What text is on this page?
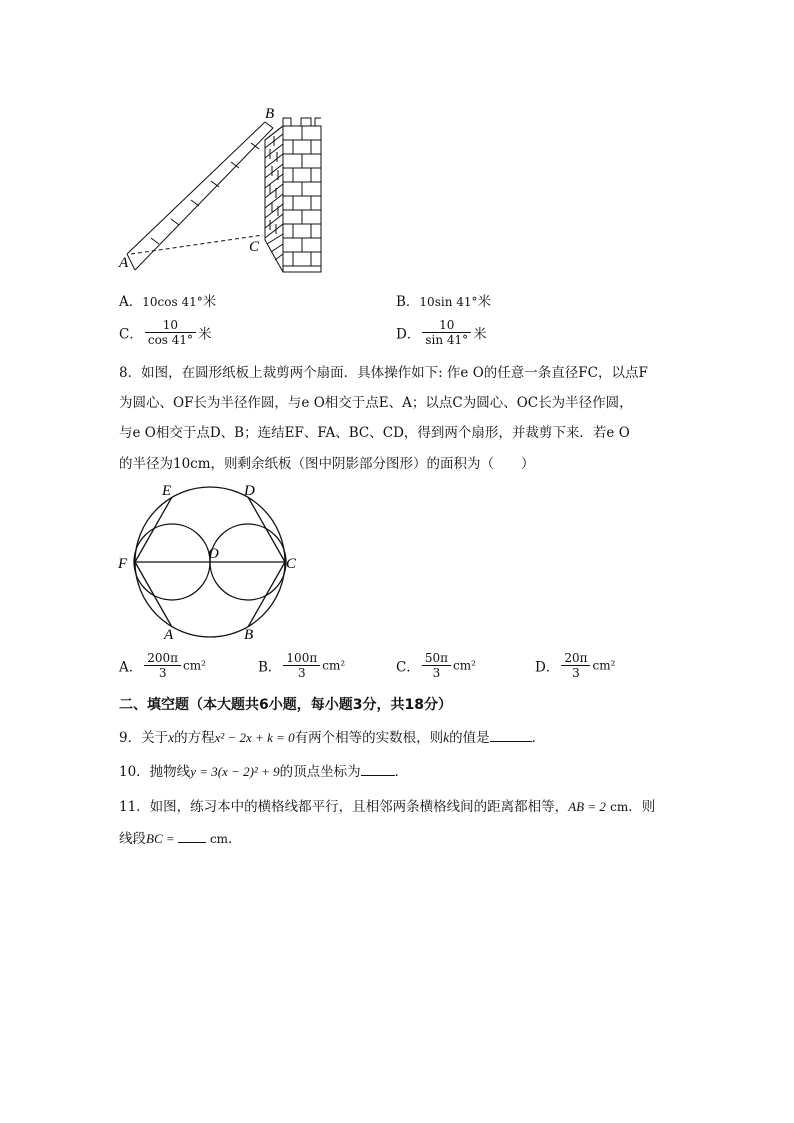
B
A
C
A．10cos 41°米	B．10sin 41°米
C． $\frac{10}{\cos 41^\circ}$ 米	D． $\frac{10}{\sin 41^\circ}$ 米
8．如图，在圆形纸板上裁剪两个扇面．具体操作如下: 作e O的任意一条直径FC，以点F
为圆心、OF长为半径作圆，与e O相交于点E、A；以点C为圆心、OC长为半径作圆，
与e O相交于点D、B；连结EF、FA、BC、CD，得到两个扇形，并裁剪下来．若e O
的半径为10cm，则剩余纸板（图中阴影部分图形）的面积为（　　）
E	D
F
O
C
A	B
A． $\frac{200\pi}{3} cm^2$	B． $\frac{100\pi}{3} cm^2$	C． $\frac{50\pi}{3} cm^2$	D． $\frac{20\pi}{3} cm^2$
二、填空题（本大题共6小题，每小题3分，共18分）
9．关于x的方程x² − 2x + k = 0有两个相等的实数根，则k的值是	．
10．抛物线y = 3(x − 2)² + 9的顶点坐标为	．
11．如图，练习本中的横格线都平行，且相邻两条横格线间的距离都相等，AB = 2 cm．则
线段BC =	cm．
